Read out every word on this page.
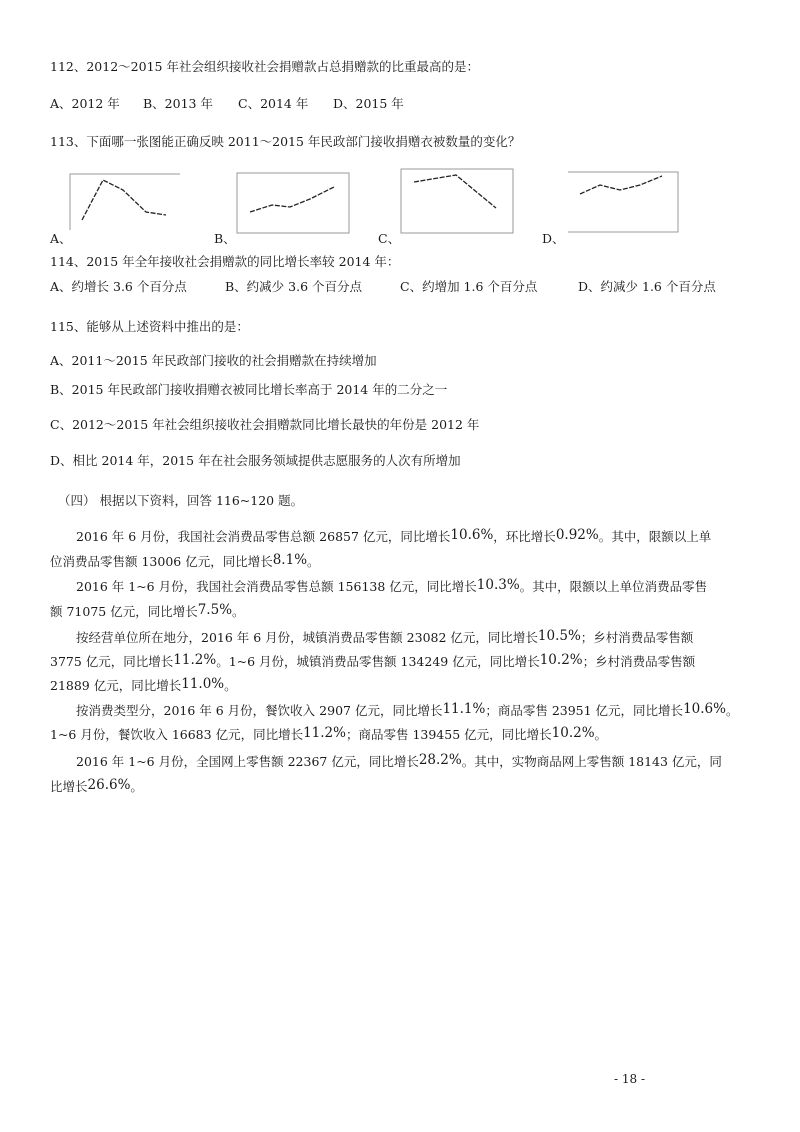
112、2012～2015 年社会组织接收社会捐赠款占总捐赠款的比重最高的是：
A、2012 年 B、2013 年 C、2014 年 D、2015 年
113、下面哪一张图能正确反映 2011～2015 年民政部门接收捐赠衣被数量的变化？
A、	B、	C、	D、
114、2015 年全年接收社会捐赠款的同比增长率较 2014 年：
A、约增长 3.6 个百分点	B、约减少 3.6 个百分点	C、约增加 1.6 个百分点	D、约减少 1.6 个百分点
115、能够从上述资料中推出的是：
A、2011～2015 年民政部门接收的社会捐赠款在持续增加
B、2015 年民政部门接收捐赠衣被同比增长率高于 2014 年的二分之一
C、2012～2015 年社会组织接收社会捐赠款同比增长最快的年份是 2012 年
D、相比 2014 年，2015 年在社会服务领域提供志愿服务的人次有所增加
（四） 根据以下资料，回答 116~120 题。
2016 年 6 月份，我国社会消费品零售总额 26857 亿元，同比增长10.6%，环比增长0.92%。其中，限额以上单
位消费品零售额 13006 亿元，同比增长8.1%。
2016 年 1~6 月份，我国社会消费品零售总额 156138 亿元，同比增长10.3%。其中，限额以上单位消费品零售
额 71075 亿元，同比增长7.5%。
按经营单位所在地分，2016 年 6 月份，城镇消费品零售额 23082 亿元，同比增长10.5%；乡村消费品零售额
3775 亿元，同比增长11.2%。1~6 月份，城镇消费品零售额 134249 亿元，同比增长10.2%；乡村消费品零售额
21889 亿元，同比增长11.0%。
按消费类型分，2016 年 6 月份，餐饮收入 2907 亿元，同比增长11.1%；商品零售 23951 亿元，同比增长10.6%。
1~6 月份，餐饮收入 16683 亿元，同比增长11.2%；商品零售 139455 亿元，同比增长10.2%。
2016 年 1~6 月份，全国网上零售额 22367 亿元，同比增长28.2%。其中，实物商品网上零售额 18143 亿元，同
比增长26.6%。
- 18 -
